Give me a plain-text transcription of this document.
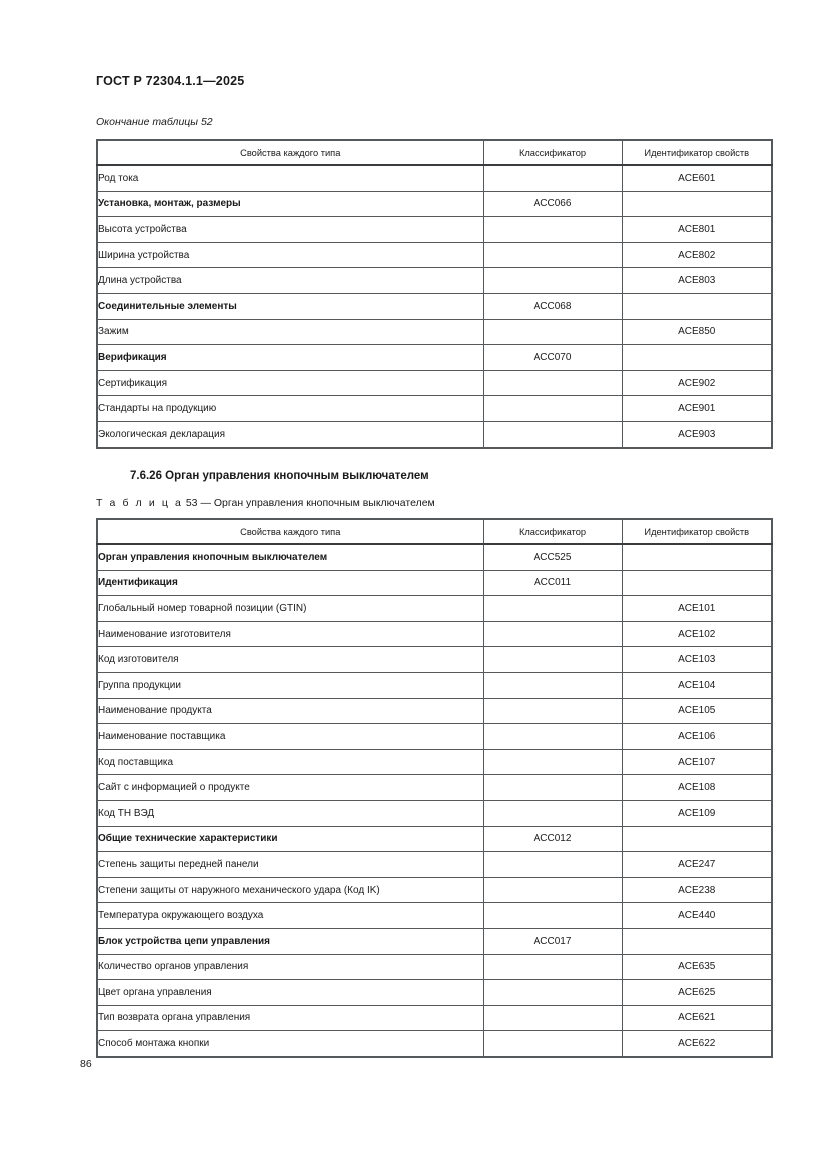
ГОСТ Р 72304.1.1—2025
Окончание таблицы 52
Свойства каждого типа	Классификатор	Идентификатор свойств
Род тока		ACE601
Установка, монтаж, размеры	ACC066	
Высота устройства		ACE801
Ширина устройства		ACE802
Длина устройства		ACE803
Соединительные элементы	ACC068	
Зажим		ACE850
Верификация	ACC070	
Сертификация		ACE902
Стандарты на продукцию		ACE901
Экологическая декларация		ACE903
7.6.26 Орган управления кнопочным выключателем
Т а б л и ц а 53 — Орган управления кнопочным выключателем
Свойства каждого типа	Классификатор	Идентификатор свойств
Орган управления кнопочным выключателем	ACC525	
Идентификация	ACC011	
Глобальный номер товарной позиции (GTIN)		ACE101
Наименование изготовителя		ACE102
Код изготовителя		ACE103
Группа продукции		ACE104
Наименование продукта		ACE105
Наименование поставщика		ACE106
Код поставщика		ACE107
Сайт с информацией о продукте		ACE108
Код ТН ВЭД		ACE109
Общие технические характеристики	ACC012	
Степень защиты передней панели		ACE247
Степени защиты от наружного механического удара (Код IK)		ACE238
Температура окружающего воздуха		ACE440
Блок устройства цепи управления	ACC017	
Количество органов управления		ACE635
Цвет органа управления		ACE625
Тип возврата органа управления		ACE621
Способ монтажа кнопки		ACE622
86
